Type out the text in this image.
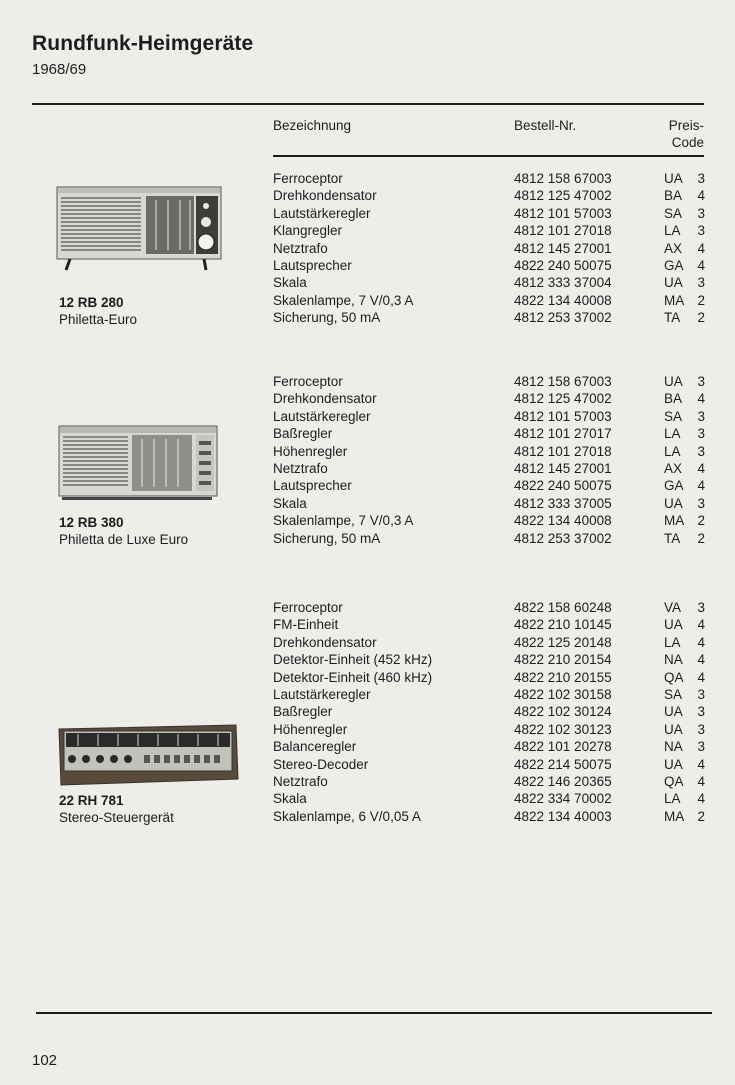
Rundfunk-Heimgeräte
1968/69
Bezeichnung	Bestell-Nr.	Preis-
Code
12 RB 280
Philetta-Euro
Ferroceptor
Drehkondensator
Lautstärkeregler
Klangregler
Netztrafo
Lautsprecher
Skala
Skalenlampe, 7 V/0,3 A
Sicherung, 50 mA
4812 158 67003
4812 125 47002
4812 101 57003
4812 101 27018
4812 145 27001
4822 240 50075
4812 333 37004
4822 134 40008
4812 253 37002
UA 3
BA 4
SA 3
LA 3
AX 4
GA 4
UA 3
MA 2
TA 2
12 RB 380
Philetta de Luxe Euro
Ferroceptor
Drehkondensator
Lautstärkeregler
Baßregler
Höhenregler
Netztrafo
Lautsprecher
Skala
Skalenlampe, 7 V/0,3 A
Sicherung, 50 mA
4812 158 67003
4812 125 47002
4812 101 57003
4812 101 27017
4812 101 27018
4812 145 27001
4822 240 50075
4812 333 37005
4822 134 40008
4812 253 37002
UA 3
BA 4
SA 3
LA 3
LA 3
AX 4
GA 4
UA 3
MA 2
TA 2
22 RH 781
Stereo-Steuergerät
Ferroceptor
FM-Einheit
Drehkondensator
Detektor-Einheit (452 kHz)
Detektor-Einheit (460 kHz)
Lautstärkeregler
Baßregler
Höhenregler
Balanceregler
Stereo-Decoder
Netztrafo
Skala
Skalenlampe, 6 V/0,05 A
4822 158 60248
4822 210 10145
4822 125 20148
4822 210 20154
4822 210 20155
4822 102 30158
4822 102 30124
4822 102 30123
4822 101 20278
4822 214 50075
4822 146 20365
4822 334 70002
4822 134 40003
VA 3
UA 4
LA 4
NA 4
QA 4
SA 3
UA 3
UA 3
NA 3
UA 4
QA 4
LA 4
MA 2
102
